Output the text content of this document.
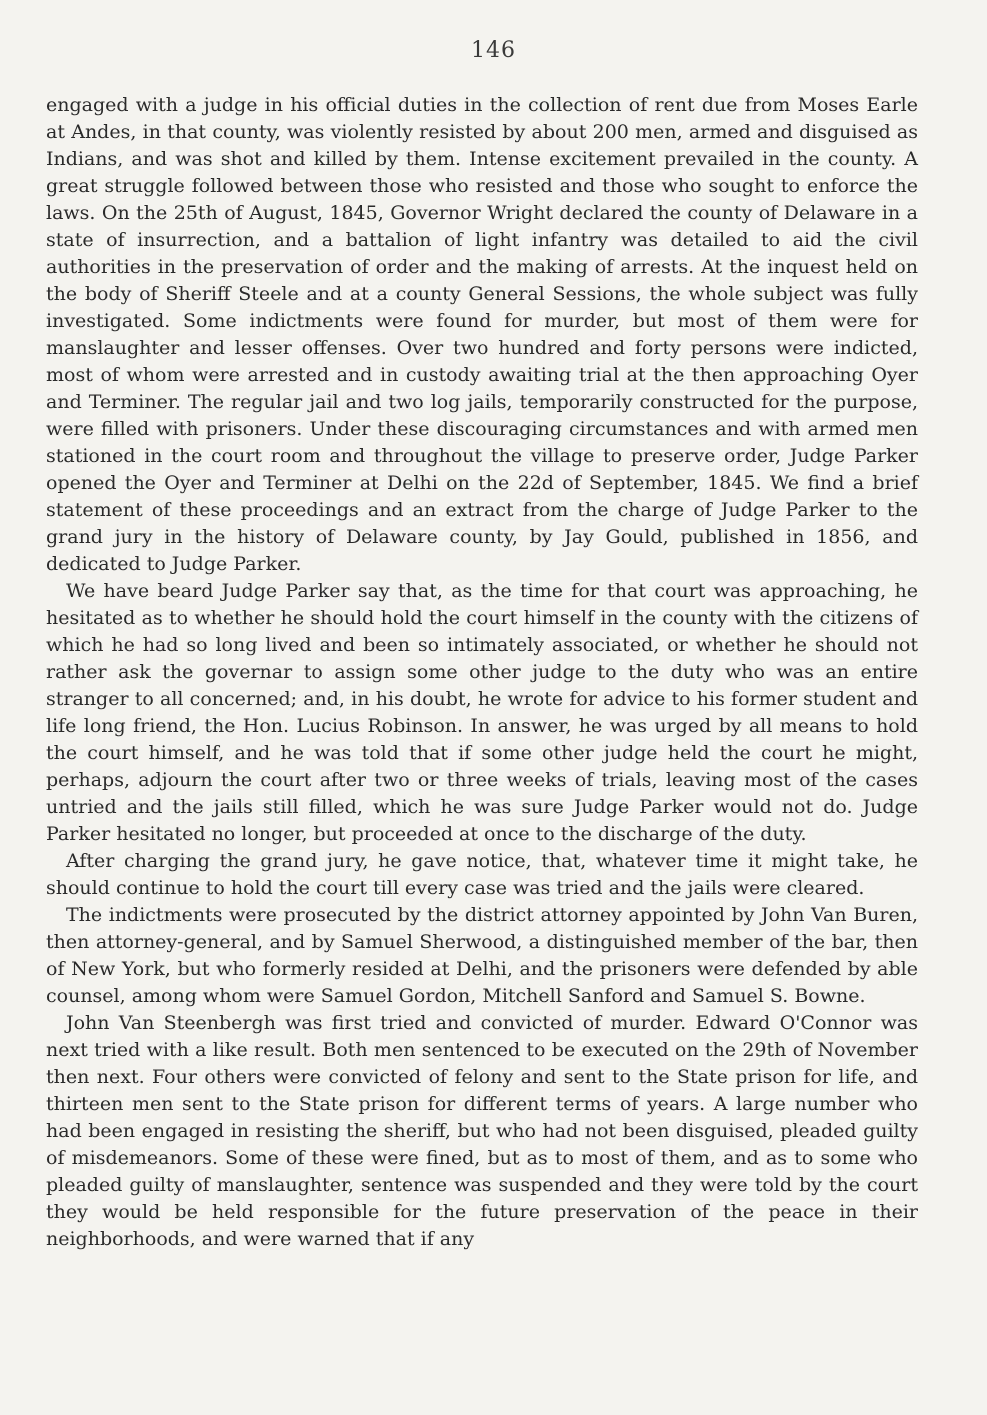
146

engaged with a judge in his official duties in the collection of rent due from Moses Earle at Andes, in that county, was violently resisted by about 200 men, armed and disguised as Indians, and was shot and killed by them. Intense excitement prevailed in the county. A great struggle followed between those who resisted and those who sought to enforce the laws. On the 25th of August, 1845, Governor Wright declared the county of Delaware in a state of insurrection, and a battalion of light infantry was detailed to aid the civil authorities in the preservation of order and the making of arrests. At the inquest held on the body of Sheriff Steele and at a county General Sessions, the whole subject was fully investigated. Some indictments were found for murder, but most of them were for manslaughter and lesser offenses. Over two hundred and forty persons were indicted, most of whom were arrested and in custody awaiting trial at the then approaching Oyer and Terminer. The regular jail and two log jails, temporarily constructed for the purpose, were filled with prisoners. Under these discouraging circumstances and with armed men stationed in the court room and throughout the village to preserve order, Judge Parker opened the Oyer and Terminer at Delhi on the 22d of September, 1845. We find a brief statement of these proceedings and an extract from the charge of Judge Parker to the grand jury in the history of Delaware county, by Jay Gould, published in 1856, and dedicated to Judge Parker.

We have beard Judge Parker say that, as the time for that court was approaching, he hesitated as to whether he should hold the court himself in the county with the citizens of which he had so long lived and been so intimately associated, or whether he should not rather ask the governar to assign some other judge to the duty who was an entire stranger to all concerned; and, in his doubt, he wrote for advice to his former student and life long friend, the Hon. Lucius Robinson. In answer, he was urged by all means to hold the court himself, and he was told that if some other judge held the court he might, perhaps, adjourn the court after two or three weeks of trials, leaving most of the cases untried and the jails still filled, which he was sure Judge Parker would not do. Judge Parker hesitated no longer, but proceeded at once to the discharge of the duty.

After charging the grand jury, he gave notice, that, whatever time it might take, he should continue to hold the court till every case was tried and the jails were cleared.

The indictments were prosecuted by the district attorney appointed by John Van Buren, then attorney-general, and by Samuel Sherwood, a distinguished member of the bar, then of New York, but who formerly resided at Delhi, and the prisoners were defended by able counsel, among whom were Samuel Gordon, Mitchell Sanford and Samuel S. Bowne.

John Van Steenbergh was first tried and convicted of murder. Edward O'Connor was next tried with a like result. Both men sentenced to be executed on the 29th of November then next. Four others were convicted of felony and sent to the State prison for life, and thirteen men sent to the State prison for different terms of years. A large number who had been engaged in resisting the sheriff, but who had not been disguised, pleaded guilty of misdemeanors. Some of these were fined, but as to most of them, and as to some who pleaded guilty of manslaughter, sentence was suspended and they were told by the court they would be held responsible for the future preservation of the peace in their neighborhoods, and were warned that if any
